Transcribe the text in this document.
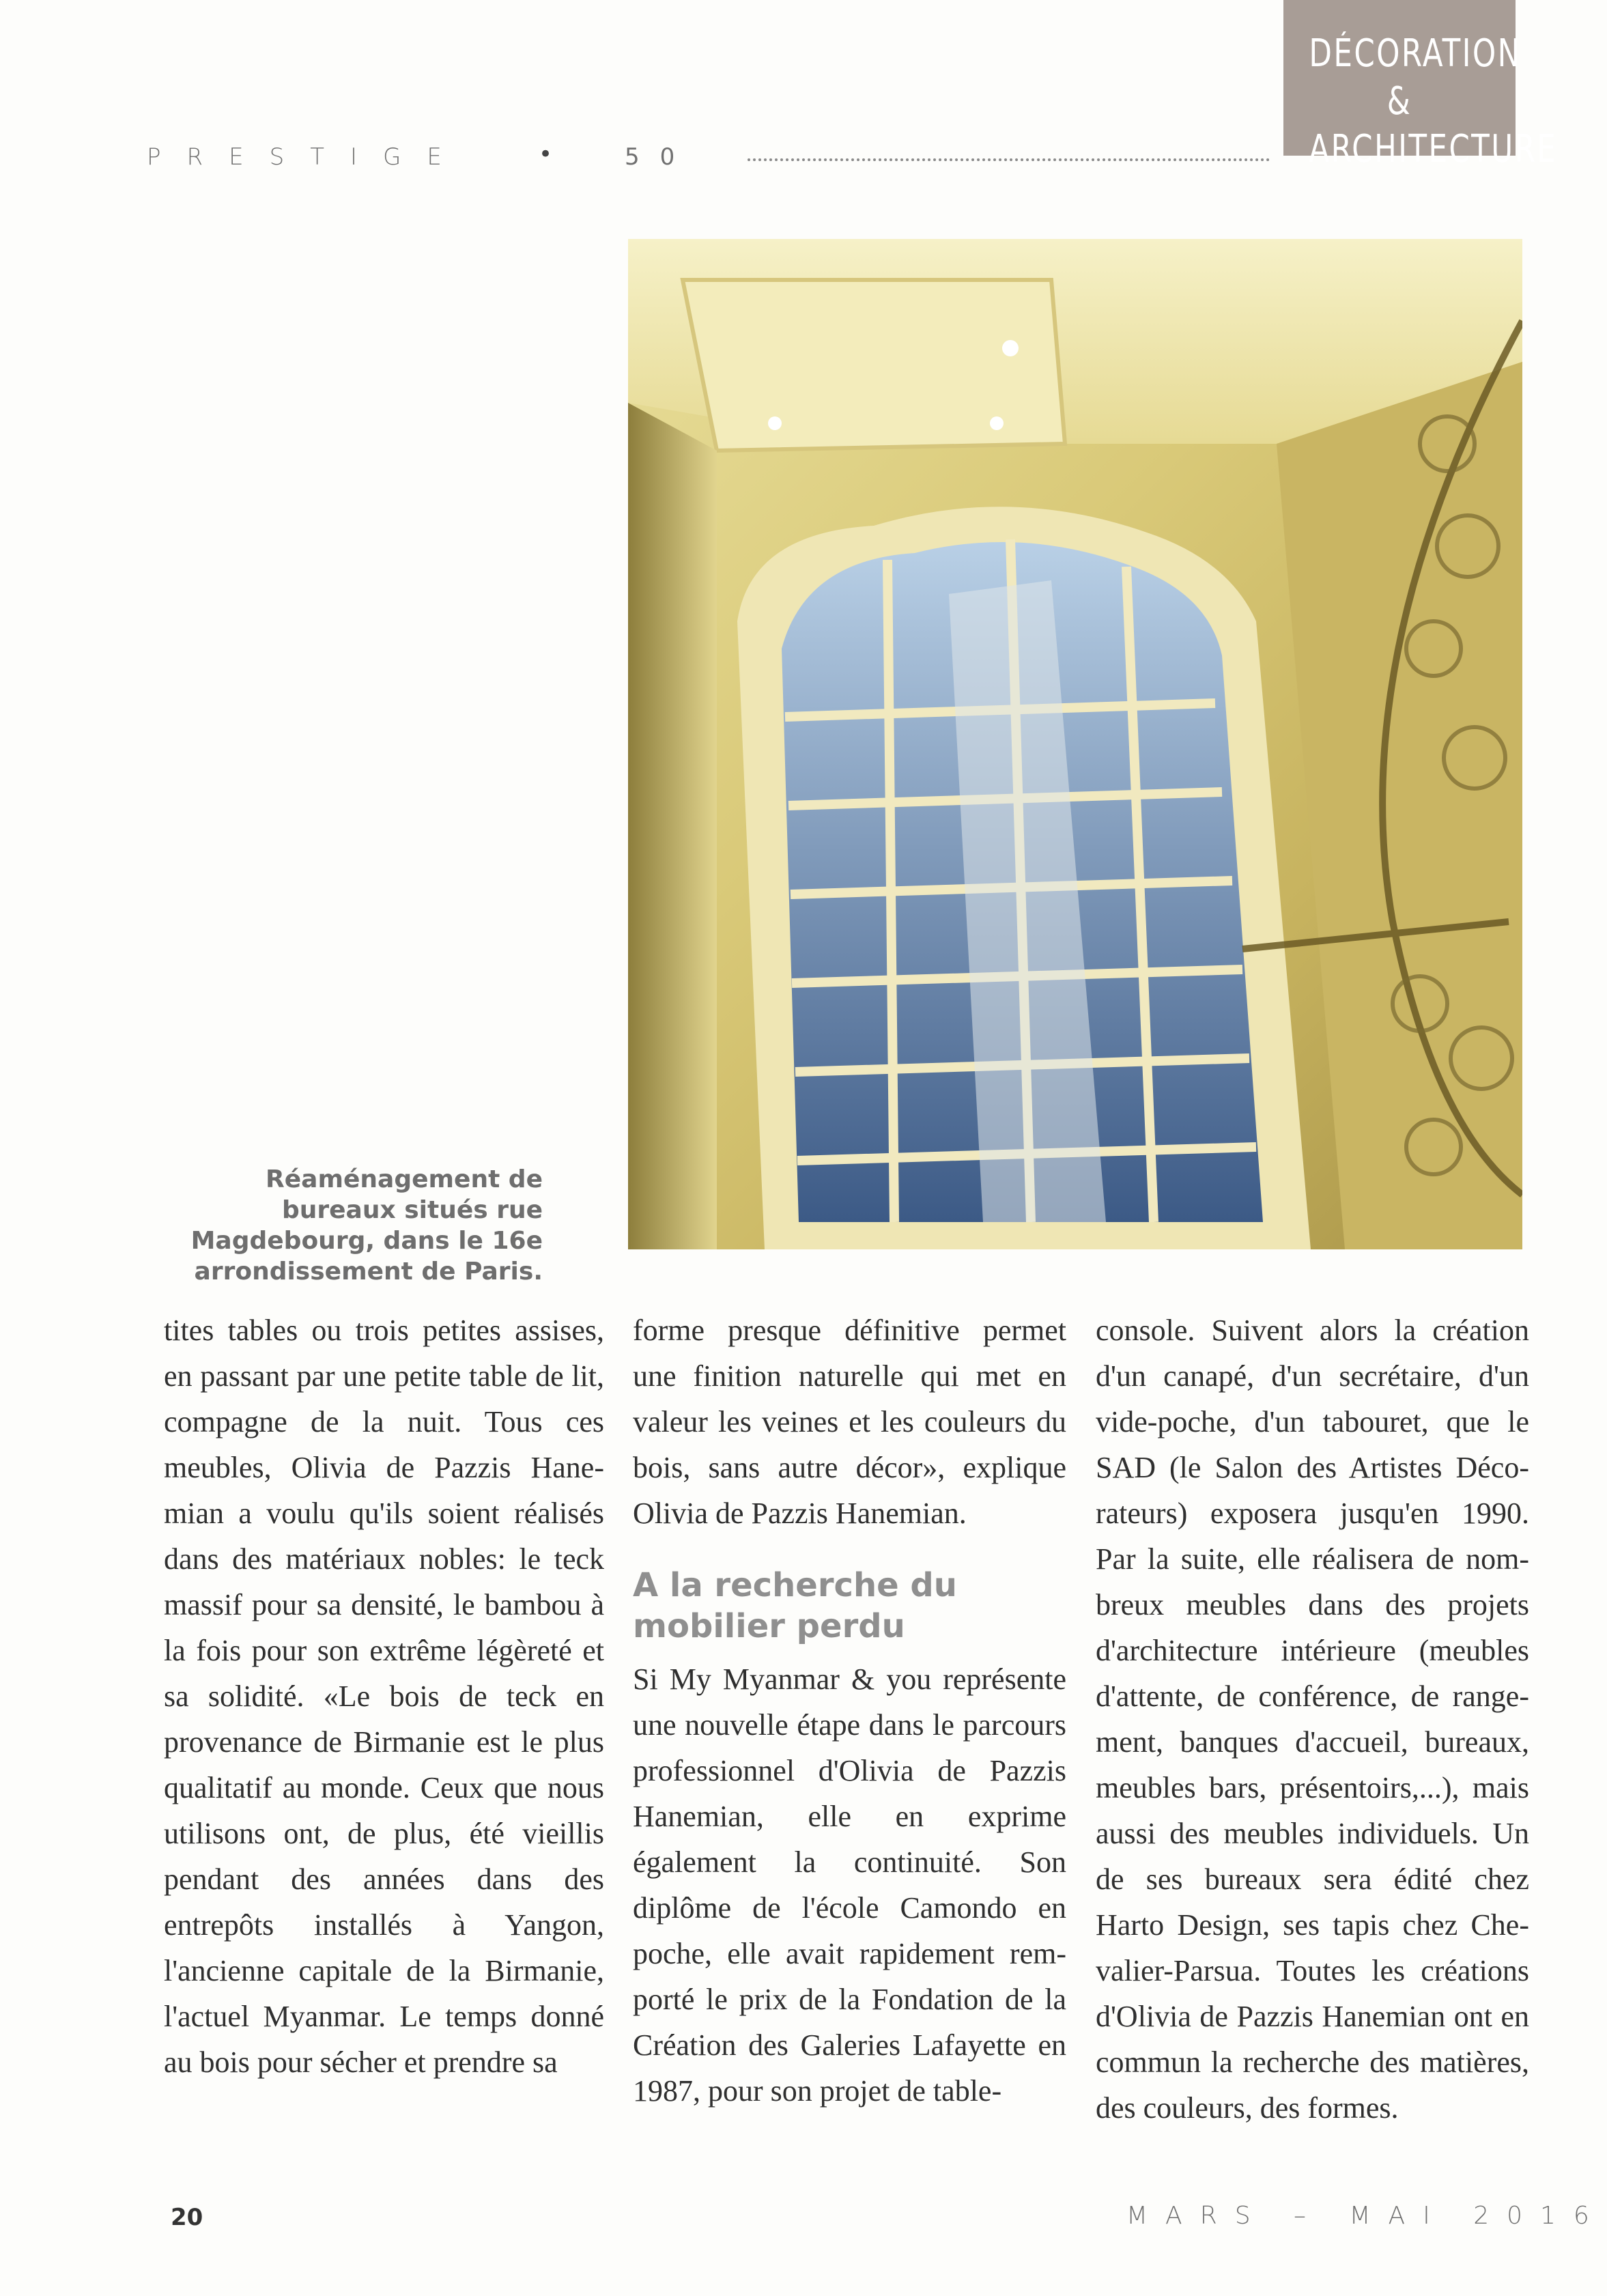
DÉCORATION &
ARCHITECTURE
PRESTIGE	•	50
Réaménagement de bureaux situés rue Magdebourg, dans le 16e arrondissement de Paris.

tites tables ou trois petites assises, en passant par une petite table de lit, compagne de la nuit. Tous ces meubles, Olivia de Pazzis Hanemian a voulu qu'ils soient réalisés dans des matériaux nobles: le teck massif pour sa densité, le bambou à la fois pour son extrême légèreté et sa solidité. «Le bois de teck en provenance de Birmanie est le plus qualitatif au monde. Ceux que nous utilisons ont, de plus, été vieillis pendant des années dans des entrepôts installés à Yangon, l'ancienne capitale de la Birmanie, l'actuel Myanmar. Le temps donné au bois pour sécher et prendre sa

forme presque définitive permet une finition naturelle qui met en valeur les veines et les couleurs du bois, sans autre décor», explique Olivia de Pazzis Hanemian.

A la recherche du mobilier perdu

Si My Myanmar & you représente une nouvelle étape dans le parcours professionnel d'Olivia de Pazzis Hanemian, elle en exprime également la continuité. Son diplôme de l'école Camondo en poche, elle avait rapidement remporté le prix de la Fondation de la Création des Galeries Lafayette en 1987, pour son projet de table-

console. Suivent alors la création d'un canapé, d'un secrétaire, d'un vide-poche, d'un tabouret, que le SAD (le Salon des Artistes Décorateurs) exposera jusqu'en 1990. Par la suite, elle réalisera de nombreux meubles dans des projets d'architecture intérieure (meubles d'attente, de conférence, de rangement, banques d'accueil, bureaux, meubles bars, présentoirs,...), mais aussi des meubles individuels. Un de ses bureaux sera édité chez Harto Design, ses tapis chez Chevalier-Parsua. Toutes les créations d'Olivia de Pazzis Hanemian ont en commun la recherche des matières, des couleurs, des formes.

20	MARS – MAI 2016
